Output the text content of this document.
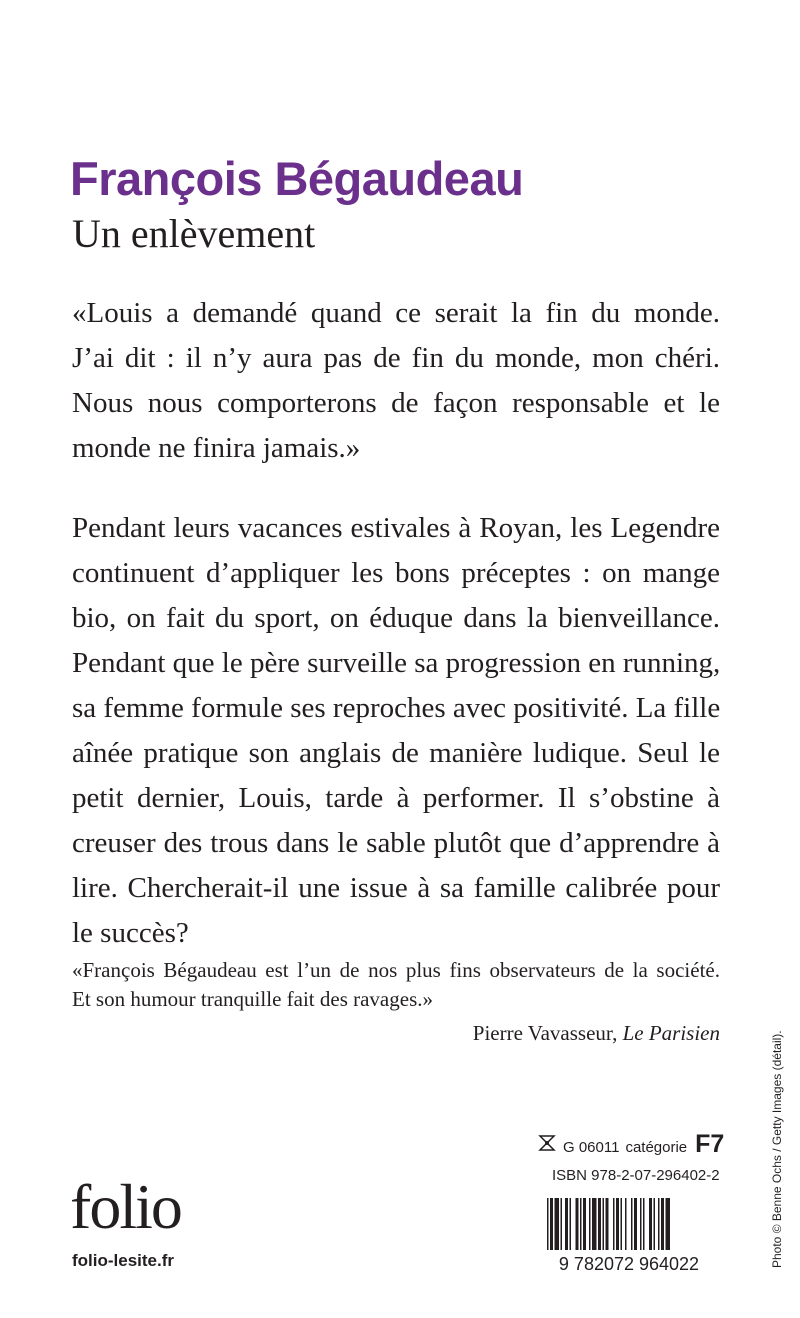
François Bégaudeau
Un enlèvement

«Louis a demandé quand ce serait la fin du monde.
J’ai dit : il n’y aura pas de fin du monde, mon chéri.
Nous nous comporterons de façon responsable et le
monde ne finira jamais.»

Pendant leurs vacances estivales à Royan, les Legendre
continuent d’appliquer les bons préceptes : on mange
bio, on fait du sport, on éduque dans la bienveillance.
Pendant que le père surveille sa progression en running,
sa femme formule ses reproches avec positivité. La fille
aînée pratique son anglais de manière ludique. Seul le
petit dernier, Louis, tarde à performer. Il s’obstine à
creuser des trous dans le sable plutôt que d’apprendre à
lire. Chercherait-il une issue à sa famille calibrée pour
le succès?

«François Bégaudeau est l’un de nos plus fins observateurs de la société.
Et son humour tranquille fait des ravages.»

Pierre Vavasseur, Le Parisien
G 06011 catégorie F7
ISBN 978-2-07-296402-2
9 782072 964022
folio
folio-lesite.fr	Photo © Benne Ochs / Getty Images (détail).
